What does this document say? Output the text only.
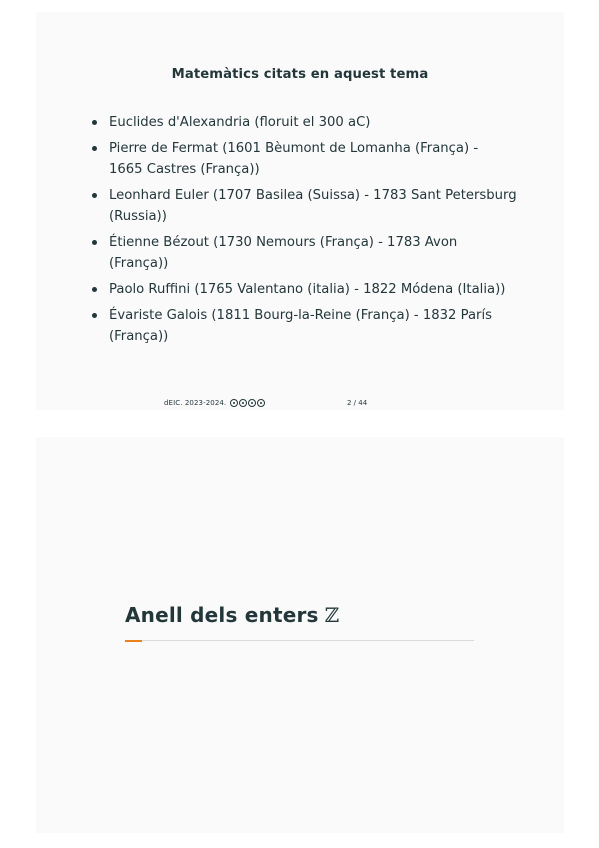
Matemàtics citats en aquest tema
Euclides d'Alexandria (floruit el 300 aC)
Pierre de Fermat (1601 Bèumont de Lomanha (França) -
1665 Castres (França))
Leonhard Euler (1707 Basilea (Suissa) - 1783 Sant Petersburg
(Russia))
Étienne Bézout (1730 Nemours (França) - 1783 Avon
(França))
Paolo Ruffini (1765 Valentano (italia) - 1822 Módena (Italia))
Évariste Galois (1811 Bourg-la-Reine (França) - 1832 París
(França))
dEIC. 2023-2024.	2 / 44
Anell dels enters ℤ
